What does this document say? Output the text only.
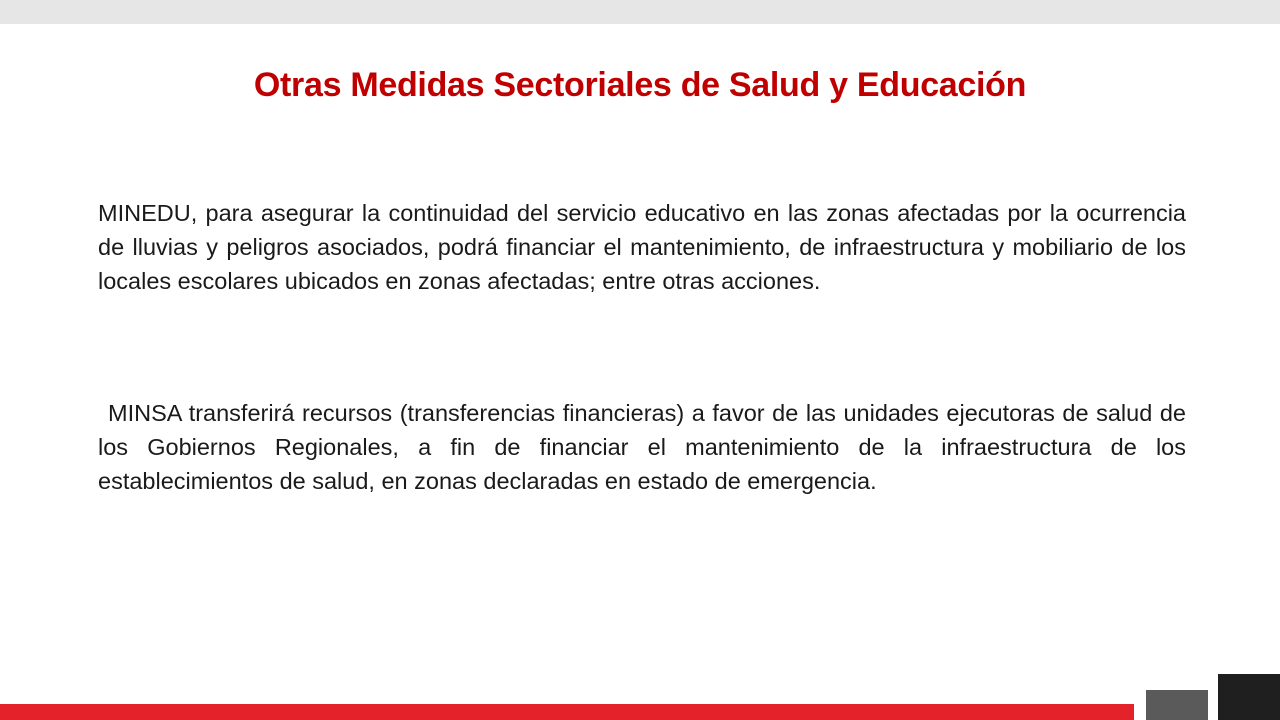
Otras Medidas Sectoriales de Salud y Educación

MINEDU, para asegurar la continuidad del servicio educativo en las zonas afectadas por la ocurrencia de lluvias y peligros asociados, podrá financiar el mantenimiento, de infraestructura y mobiliario de los locales escolares ubicados en zonas afectadas; entre otras acciones.

MINSA transferirá recursos (transferencias financieras) a favor de las unidades ejecutoras de salud de los Gobiernos Regionales, a fin de financiar el mantenimiento de la infraestructura de los establecimientos de salud, en zonas declaradas en estado de emergencia.
